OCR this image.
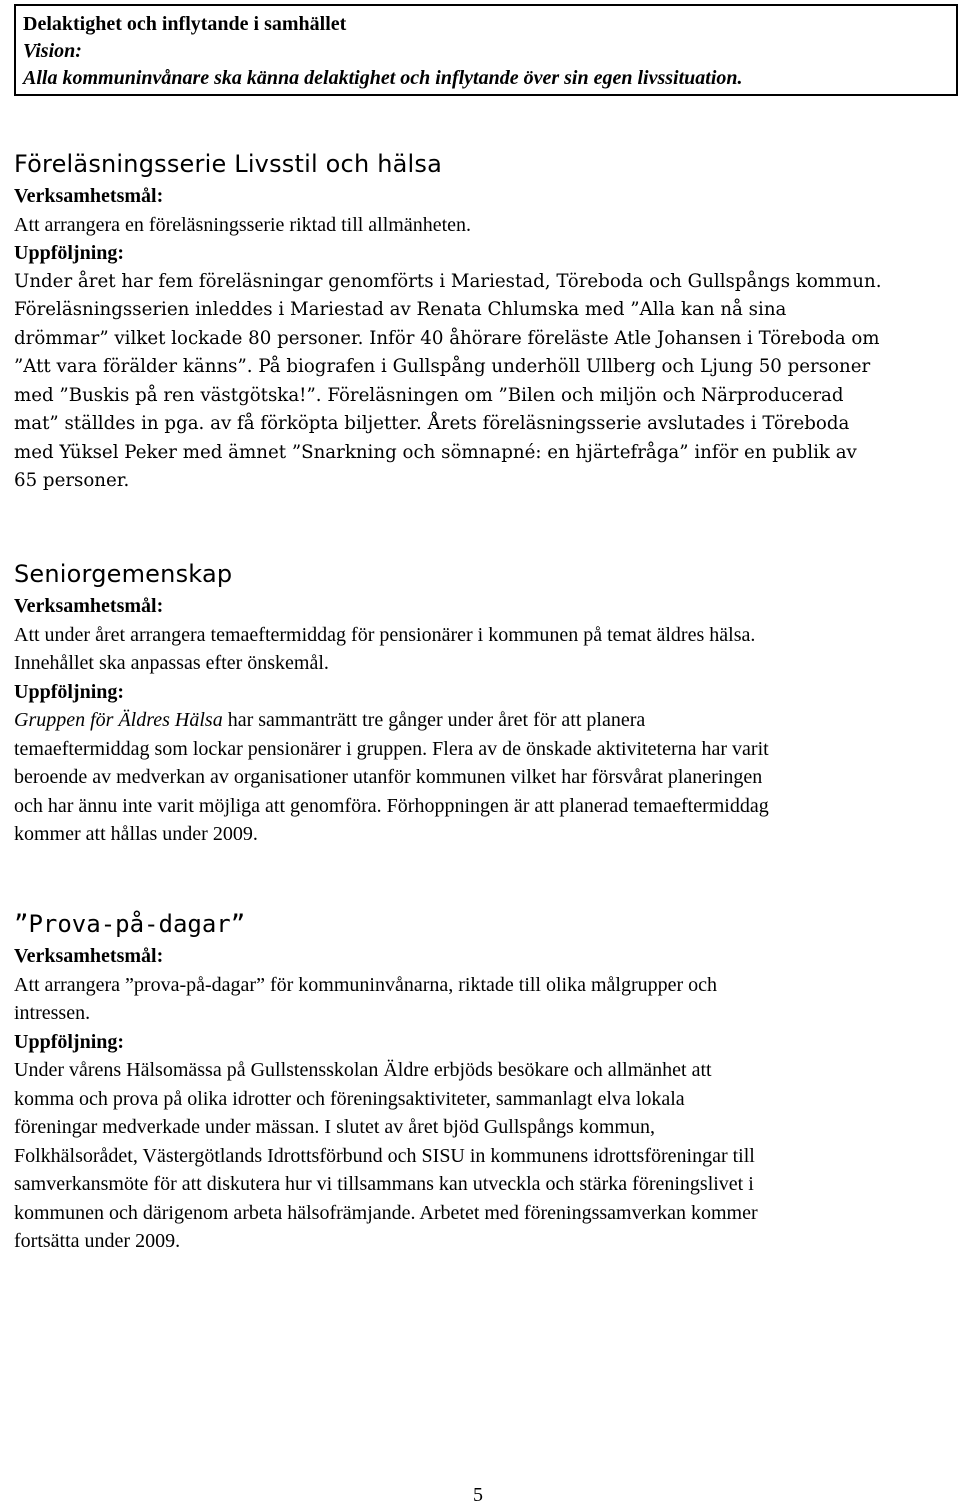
Delaktighet och inflytande i samhället
Vision:
Alla kommuninvånare ska känna delaktighet och inflytande över sin egen livssituation.
Föreläsningsserie Livsstil och hälsa
Verksamhetsmål:

Att arrangera en föreläsningsserie riktad till allmänheten.

Uppföljning:
Under året har fem föreläsningar genomförts i Mariestad, Töreboda och Gullspångs kommun.
Föreläsningsserien inleddes i Mariestad av Renata Chlumska med ”Alla kan nå sina
drömmar” vilket lockade 80 personer. Inför 40 åhörare föreläste Atle Johansen i Töreboda om
”Att vara förälder känns”. På biografen i Gullspång underhöll Ullberg och Ljung 50 personer
med ”Buskis på ren västgötska!”. Föreläsningen om ”Bilen och miljön och Närproducerad
mat” ställdes in pga. av få förköpta biljetter. Årets föreläsningsserie avslutades i Töreboda
med Yüksel Peker med ämnet ”Snarkning och sömnapné: en hjärtefråga” inför en publik av
65 personer.
Seniorgemenskap
Verksamhetsmål:
Att under året arrangera temaeftermiddag för pensionärer i kommunen på temat äldres hälsa.
Innehållet ska anpassas efter önskemål.
Uppföljning:
Gruppen för Äldres Hälsa har sammanträtt tre gånger under året för att planera
temaeftermiddag som lockar pensionärer i gruppen. Flera av de önskade aktiviteterna har varit
beroende av medverkan av organisationer utanför kommunen vilket har försvårat planeringen
och har ännu inte varit möjliga att genomföra. Förhoppningen är att planerad temaeftermiddag
kommer att hållas under 2009.
”Prova-på-dagar”
Verksamhetsmål:
Att arrangera ”prova-på-dagar” för kommuninvånarna, riktade till olika målgrupper och
intressen.
Uppföljning:
Under vårens Hälsomässa på Gullstensskolan Äldre erbjöds besökare och allmänhet att
komma och prova på olika idrotter och föreningsaktiviteter, sammanlagt elva lokala
föreningar medverkade under mässan. I slutet av året bjöd Gullspångs kommun,
Folkhälsorådet, Västergötlands Idrottsförbund och SISU in kommunens idrottsföreningar till
samverkansmöte för att diskutera hur vi tillsammans kan utveckla och stärka föreningslivet i
kommunen och därigenom arbeta hälsofrämjande. Arbetet med föreningssamverkan kommer
fortsätta under 2009.
5
